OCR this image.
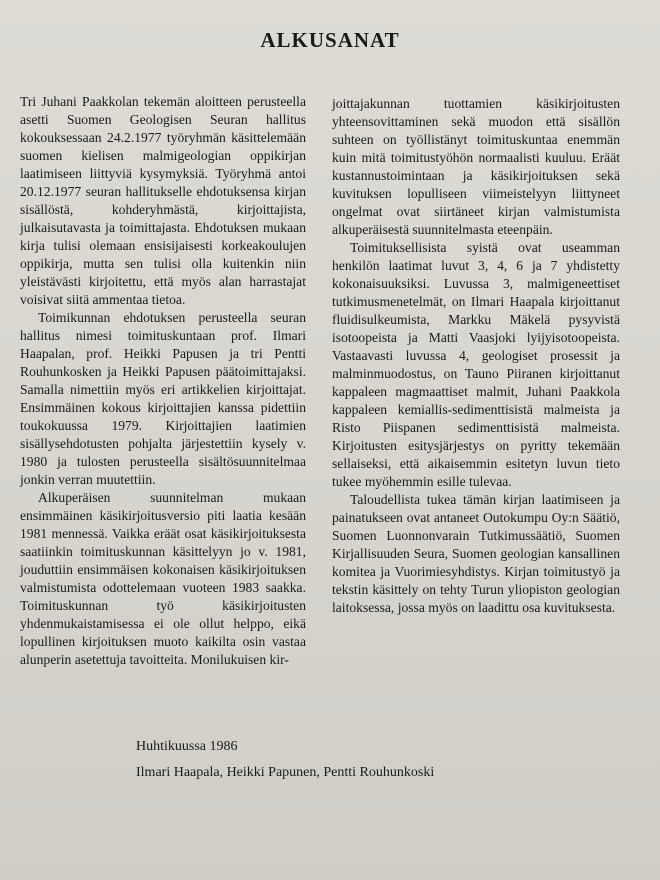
ALKUSANAT

Tri Juhani Paakkolan tekemän aloitteen perusteella asetti Suomen Geologisen Seuran hallitus kokouksessaan 24.2.1977 työryhmän käsittelemään suomen kielisen malmigeologian oppikirjan laatimiseen liittyviä kysymyksiä. Työryhmä antoi 20.12.1977 seuran hallitukselle ehdotuksensa kirjan sisällöstä, kohderyhmästä, kirjoittajista, julkaisutavasta ja toimittajasta. Ehdotuksen mukaan kirja tulisi olemaan ensisijaisesti korkeakoulujen oppikirja, mutta sen tulisi olla kuitenkin niin yleistävästi kirjoitettu, että myös alan harrastajat voisivat siitä ammentaa tietoa.

Toimikunnan ehdotuksen perusteella seuran hallitus nimesi toimituskuntaan prof. Ilmari Haapalan, prof. Heikki Papusen ja tri Pentti Rouhunkosken ja Heikki Papusen päätoimittajaksi. Samalla nimettiin myös eri artikkelien kirjoittajat. Ensimmäinen kokous kirjoittajien kanssa pidettiin toukokuussa 1979. Kirjoittajien laatimien sisällysehdotusten pohjalta järjestettiin kysely v. 1980 ja tulosten perusteella sisältösuunnitelmaa jonkin verran muutettiin.

Alkuperäisen suunnitelman mukaan ensimmäinen käsikirjoitusversio piti laatia kesään 1981 mennessä. Vaikka eräät osat käsikirjoituksesta saatiinkin toimituskunnan käsittelyyn jo v. 1981, jouduttiin ensimmäisen kokonaisen käsikirjoituksen valmistumista odottelemaan vuoteen 1983 saakka. Toimituskunnan työ käsikirjoitusten yhdenmukaistamisessa ei ole ollut helppo, eikä lopullinen kirjoituksen muoto kaikilta osin vastaa alunperin asetettuja tavoitteita. Monilukuisen kir-

joittajakunnan tuottamien käsikirjoitusten yhteensovittaminen sekä muodon että sisällön suhteen on työllistänyt toimituskuntaa enemmän kuin mitä toimitustyöhön normaalisti kuuluu. Eräät kustannustoimintaan ja käsikirjoituksen sekä kuvituksen lopulliseen viimeistelyyn liittyneet ongelmat ovat siirtäneet kirjan valmistumista alkuperäisestä suunnitelmasta eteenpäin.

Toimituksellisista syistä ovat useamman henkilön laatimat luvut 3, 4, 6 ja 7 yhdistetty kokonaisuuksiksi. Luvussa 3, malmigeneettiset tutkimusmenetelmät, on Ilmari Haapala kirjoittanut fluidisulkeumista, Markku Mäkelä pysyvistä isotoopeista ja Matti Vaasjoki lyijyisotoopeista. Vastaavasti luvussa 4, geologiset prosessit ja malminmuodostus, on Tauno Piiranen kirjoittanut kappaleen magmaattiset malmit, Juhani Paakkola kappaleen kemiallis-sedimenttisistä malmeista ja Risto Piispanen sedimenttisistä malmeista. Kirjoitusten esitysjärjestys on pyritty tekemään sellaiseksi, että aikaisemmin esitetyn luvun tieto tukee myöhemmin esille tulevaa.

Taloudellista tukea tämän kirjan laatimiseen ja painatukseen ovat antaneet Outokumpu Oy:n Säätiö, Suomen Luonnonvarain Tutkimussäätiö, Suomen Kirjallisuuden Seura, Suomen geologian kansallinen komitea ja Vuorimiesyhdistys. Kirjan toimitustyö ja tekstin käsittely on tehty Turun yliopiston geologian laitoksessa, jossa myös on laadittu osa kuvituksesta.

Huhtikuussa 1986
Ilmari Haapala, Heikki Papunen, Pentti Rouhunkoski
